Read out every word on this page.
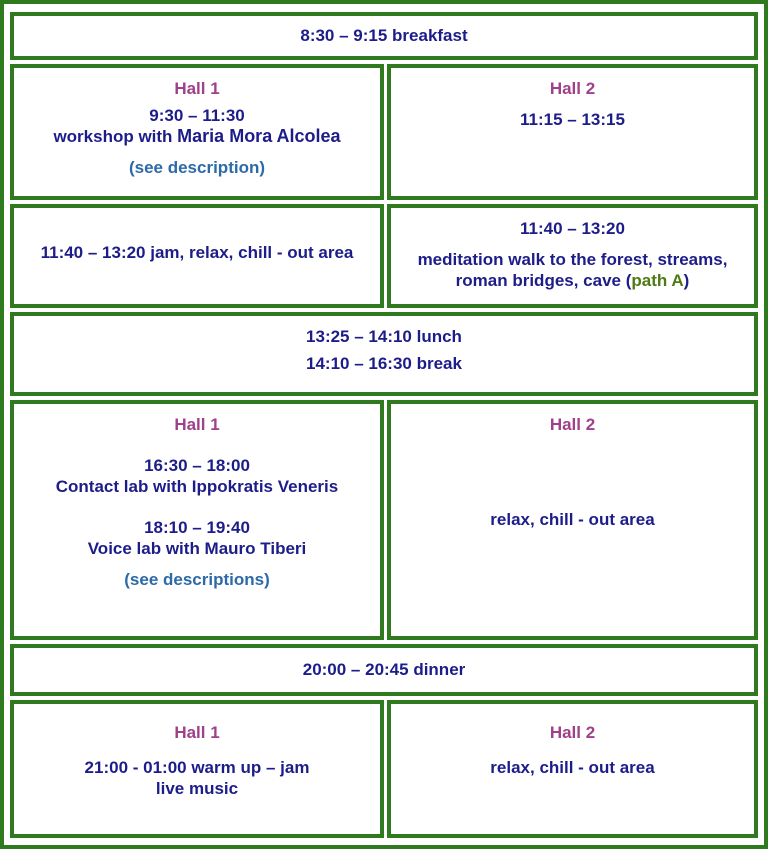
8:30 – 9:15 breakfast
Hall 1
9:30 – 11:30
workshop with Maria Mora Alcolea
(see description)
Hall 2
11:15 – 13:15
11:40 – 13:20 jam, relax, chill - out area
11:40 – 13:20
meditation walk to the forest, streams,
roman bridges, cave (path A)
13:25 – 14:10 lunch
14:10 – 16:30 break
Hall 1
16:30 – 18:00
Contact lab with Ippokratis Veneris
18:10 – 19:40
Voice lab with Mauro Tiberi
(see descriptions)
Hall 2
relax, chill - out area
20:00 – 20:45 dinner
Hall 1
21:00 - 01:00 warm up – jam
live music
Hall 2
relax, chill - out area
